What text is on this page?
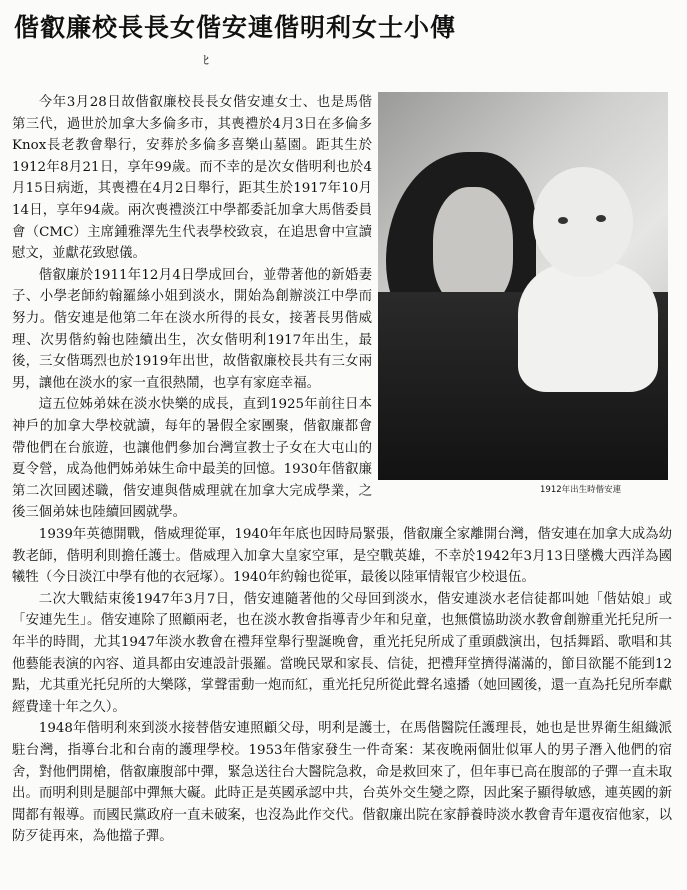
偕叡廉校長長女偕安連偕明利女士小傳
ﾋ

今年3月28日故偕叡廉校長長女偕安連女士、也是馬偕第三代，過世於加拿大多倫多市，其喪禮於4月3日在多倫多Knox長老教會舉行，安葬於多倫多喜樂山墓園。距其生於1912年8月21日，享年99歲。而不幸的是次女偕明利也於4月15日病逝，其喪禮在4月2日舉行，距其生於1917年10月14日，享年94歲。兩次喪禮淡江中學都委託加拿大馬偕委員會（CMC）主席鍾雅澤先生代表學校致哀，在追思會中宣讀慰文，並獻花致慰儀。

偕叡廉於1911年12月4日學成回台，並帶著他的新婚妻子、小學老師約翰羅絲小姐到淡水，開始為創辦淡江中學而努力。偕安連是他第二年在淡水所得的長女，接著長男偕威理、次男偕約翰也陸續出生，次女偕明利1917年出生，最後，三女偕瑪烈也於1919年出世，故偕叡廉校長共有三女兩男，讓他在淡水的家一直很熱鬧，也享有家庭幸福。

這五位姊弟妹在淡水快樂的成長，直到1925年前往日本神戶的加拿大學校就讀，每年的暑假全家團聚，偕叡廉都會帶他們在台旅遊，也讓他們參加台灣宣教士子女在大屯山的夏令營，成為他們姊弟妹生命中最美的回憶。1930年偕叡廉第二次回國述職，偕安連與偕威理就在加拿大完成學業，之後三個弟妹也陸續回國就學。

1912年出生時偕安連

1939年英德開戰，偕威理從軍，1940年年底也因時局緊張，偕叡廉全家離開台灣，偕安連在加拿大成為幼教老師，偕明利則擔任護士。偕威理入加拿大皇家空軍，是空戰英雄，不幸於1942年3月13日墜機大西洋為國犧牲（今日淡江中學有他的衣冠塚）。1940年約翰也從軍，最後以陸軍情報官少校退伍。

二次大戰結束後1947年3月7日，偕安連隨著他的父母回到淡水，偕安連淡水老信徒都叫她「偕姑娘」或「安連先生」。偕安連除了照顧兩老，也在淡水教會指導青少年和兒童，也無償協助淡水教會創辦重光托兒所一年半的時間，尤其1947年淡水教會在禮拜堂舉行聖誕晚會，重光托兒所成了重頭戲演出，包括舞蹈、歌唱和其他藝能表演的內容、道具都由安連設計張羅。當晚民眾和家長、信徒，把禮拜堂擠得滿滿的，節目欲罷不能到12點，尤其重光托兒所的大樂隊，掌聲雷動一炮而紅，重光托兒所從此聲名遠播（她回國後，還一直為托兒所奉獻經費達十年之久）。

1948年偕明利來到淡水接替偕安連照顧父母，明利是護士，在馬偕醫院任護理長，她也是世界衛生組織派駐台灣，指導台北和台南的護理學校。1953年偕家發生一件奇案：某夜晚兩個壯似軍人的男子潛入他們的宿舍，對他們開槍，偕叡廉腹部中彈，緊急送往台大醫院急救，命是救回來了，但年事已高在腹部的子彈一直未取出。而明利則是腿部中彈無大礙。此時正是英國承認中共，台英外交生變之際，因此案子顯得敏感，連英國的新聞都有報導。而國民黨政府一直未破案，也沒為此作交代。偕叡廉出院在家靜養時淡水教會青年還夜宿他家，以防歹徒再來，為他擋子彈。
